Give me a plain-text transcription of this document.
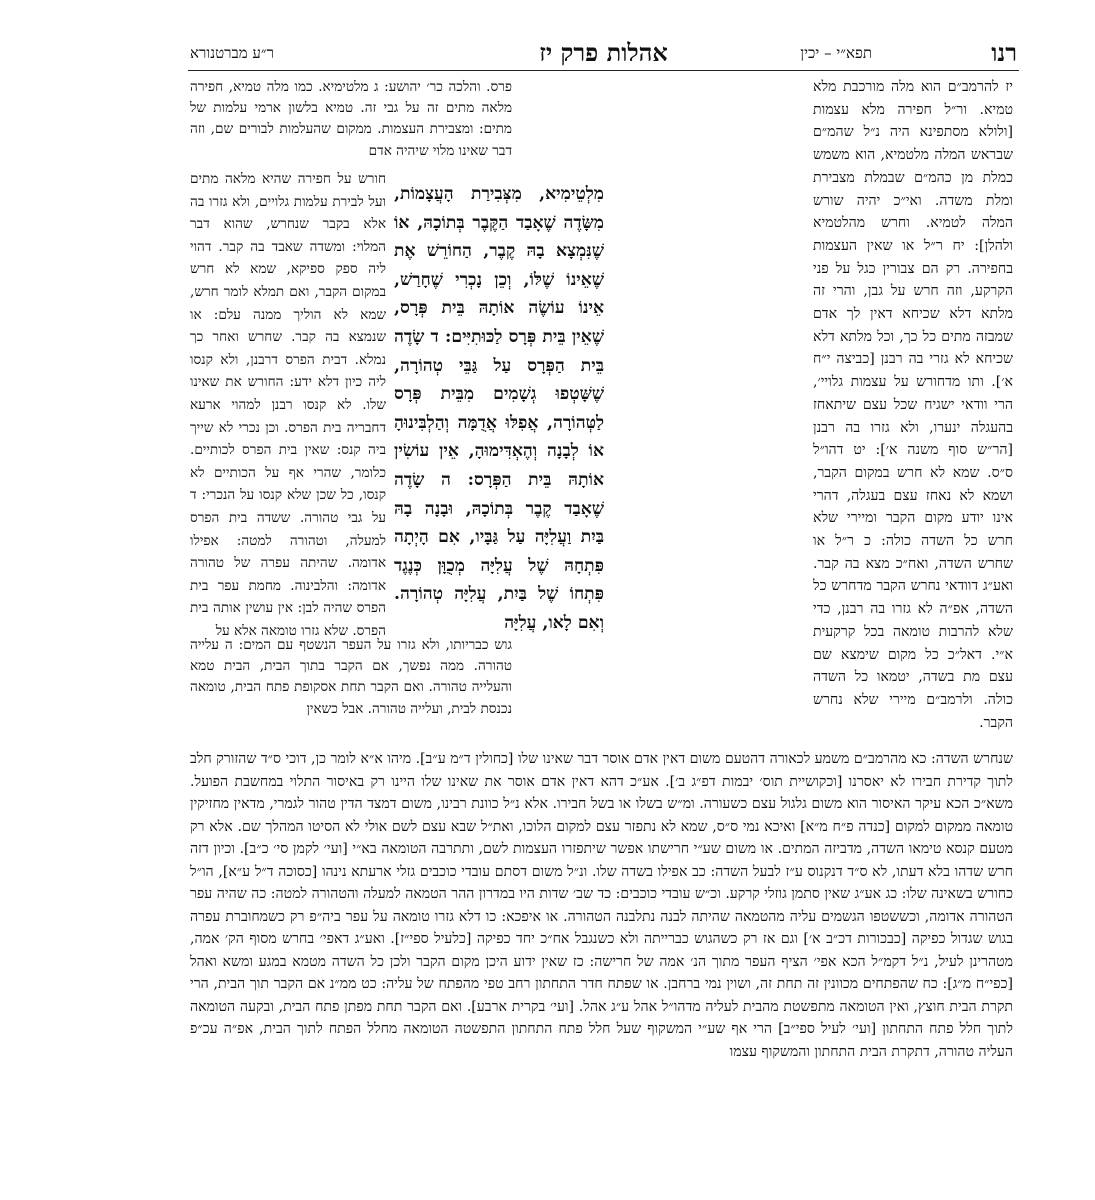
רנו
תפא״י – יכין
אהלות פרק יז
ר״ע מברטנורא

יז להרמב״ם הוא מלה מורכבת מלא טמיא. ור״ל חפירה מלא עצמות [ולולא מסתפינא היה נ״ל שהמ״ם שבראש המלה מלטמיא, הוא משמש כמלת מן כהמ״ם שבמלת מצבירת ומלת משדה. ואי״כ יהיה שורש המלה לטמיא. וחרש מהלטמיא ולהלן]: יח ר״ל או שאין העצמות בחפירה. רק הם צבורין כגל על פני הקרקע, וזה חרש על גבן, והרי זה מלתא דלא שכיחא דאין לך אדם שמבזה מתים כל כך, וכל מלתא דלא שכיחא לא גזרי בה רבנן [כביצה י״ח א׳]. ותו מדחורש על עצמות גלויי׳, הרי וודאי ישגיח שכל עצם שיתאחז בהעגלה ינערו, ולא גזרו בה רבנן [הר״ש סוף משנה א׳]: יט דהו״ל ס״ס. שמא לא חרש במקום הקבר, ושמא לא נאחז עצם בעגלה, דהרי אינו יודע מקום הקבר ומיירי שלא חרש כל השדה כולה: כ ר״ל או שחרש השדה, ואח״כ מצא בה קבר. ואע״ג דוודאי נחרש הקבר מדחרש כל השדה, אפ״ה לא גזרו בה רבנן, כדי שלא להרבות טומאה בכל קרקעית א״י. דאל״כ כל מקום שימצא שם עצם מת בשדה, יטמאו כל השדה כולה. ולרמב״ם מיירי שלא נחרש הקבר.

פרס. והלכה כר׳ יהושע: ג מלטימיא. כמו מלה טמיא, חפירה מלאה מתים זה על גבי זה. טמיא בלשון ארמי עלמות של מתים: ומצבירת העצמות. ממקום שהעלמות לבורים שם, וזה דבר שאינו מלוי שיהיה אדם

מִלְטֵימִיא, מִצְּבִירַת הָעֲצָמוֹת, מִשָּׂדֶה שֶׁאָבַד הַקֶּבֶר בְּתוֹכָהּ, אוֹ שֶׁנִּמְצָא בָהּ קֶבֶר, הַחוֹרֵשׁ אֶת שֶׁאֵינוֹ שֶׁלּוֹ, וְכֵן נָכְרִי שֶׁחָרַשׁ, אֵינוֹ עוֹשֶׂה אוֹתָהּ בֵּית פְּרָס, שֶׁאֵין בֵּית פְּרָס לַכּוּתִיִּים: ד שָׂדֶה בֵּית הַפְּרָס עַל גַּבֵּי טְהוֹרָה, שֶׁשָּׁטְפוּ גְשָׁמִים מִבֵּית פְּרָס לַטְּהוֹרָה, אֲפִלּוּ אֲדֻמָּה וְהַלְבִּינוּהָ אוֹ לְבָנָה וְהֶאְדִּימוּהָ, אֵין עוֹשִׂין אוֹתָהּ בֵּית הַפְּרָס: ה שָׂדֶה שֶׁאָבַד קֶבֶר בְּתוֹכָהּ, וּבָנָה בָהּ בַּיִת וַעֲלִיָּה עַל גַּבָּיו, אִם הָיְתָה פִּתְחָהּ שֶׁל עֲלִיָּה מְכֻוָּן כְּנֶגֶד פִּתְחוֹ שֶׁל בַּיִת, עֲלִיָּה טְהוֹרָה. וְאִם לָאו, עֲלִיָּה

חורש על חפירה שהיא מלאה מתים ועל לבירת עלמות גלויים, ולא גזרו בה אלא בקבר שנחרש, שהוא דבר המלוי: ומשדה שאבד בה קבר. דהוי ליה ספק ספיקא, שמא לא חרש במקום הקבר, ואם תמלא לומר חרש, שמא לא הוליך ממנה עלם: או שנמצא בה קבר. שחרש ואחר כך נמלא. דבית הפרס דרבנן, ולא קנסו ליה כיון דלא ידע: החורש את שאינו שלו. לא קנסו רבנן למהוי ארעא דחבריה בית הפרס. וכן נכרי לא שייך ביה קנס: שאין בית הפרס לכותיים. כלומר, שהרי אף על הכותיים לא קנסו, כל שכן שלא קנסו על הנכרי: ד על גבי טהורה. ששדה בית הפרס למעלה, וטהורה למטה: אפילו אדומה. שהיתה עפרה של טהורה אדומה: והלבינוה. מחמת עפר בית הפרס שהיה לבן: אין עושין אותה בית הפרס. שלא גזרו טומאה אלא על

גוש כבריותו, ולא גזרו על העפר הנשטף עם המים: ה עלייה טהורה. ממה נפשך, אם הקבר בתוך הבית, הבית טמא והעלייה טהורה. ואם הקבר תחת אסקופת פתח הבית, טומאה נכנסת לבית, ועלייה טהורה. אבל כשאין

שנחרש השדה: כא מהרמב״ם משמע לכאורה דהטעם משום דאין אדם אוסר דבר שאינו שלו [כחולין ד״מ ע״ב]. מיהו א״א לומר כן, דוכי ס״ד שהזורק חלב לתוך קדירת חבירו לא יאסרנו [וכקושיית תוס׳ יבמות דפ״ג ב׳]. אע״כ דהא דאין אדם אוסר את שאינו שלו היינו רק באיסור התלוי במחשבת הפועל. משא״כ הכא עיקר האיסור הוא משום גלגול עצם כשעורה. ומ״ש בשלו או בשל חבירו. אלא נ״ל כוונת רבינו, משום דמצד הדין טהור לגמרי, מדאין מחזיקין טומאה ממקום למקום [כנדה פ״ח מ״א] ואיכא נמי ס״ס, שמא לא נתפזר עצם למקום הלוכו, ואת״ל שבא עצם לשם אולי לא הסיטו המהלך שם. אלא רק מטעם קנסא טימאו השדה, מדביזה המתים. או משום שע״י חרישתו אפשר שיתפזרו העצמות לשם, ותתרבה הטומאה בא״י [ועי׳ לקמן סי׳ כ״ב]. וכיון דזה חרש שדהו בלא דעתו, לא ס״ד דנקנוס ע״ז לבעל השדה: כב אפילו בשדה שלו. ונ״ל משום דסתם עובדי כוכבים גזלי ארעתא נינהו [כסוכה ד״ל ע״א], הו״ל כחורש בשאינה שלו: כג אע״ג שאין סתמן גוזלי קרקע. וכ״ש עובדי כוכבים: כד שב׳ שדות היו במדרון ההר הטמאה למעלה והטהורה למטה: כה שהיה עפר הטהורה אדומה, וכששטפו הגשמים עליה מהטמאה שהיתה לבנה נתלבנה הטהורה. או איפכא: כו דלא גזרו טומאה על עפר ביה״פ רק כשמחוברת עפרה בגוש שגדול כפיקה [כבכורות דכ״ב א׳] וגם אז רק כשהגוש כברייתה ולא כשנגבל אח״כ יחד כפיקה [כלעיל ספי״ז]. ואע״ג דאפי׳ בחרש מסוף הק׳ אמה, מטהרינן לעיל, נ״ל דקמ״ל הכא אפי׳ הציף העפר מתוך הנ׳ אמה של חרישה: כז שאין ידוע היכן מקום הקבר ולכן כל השדה מטמא במגע ומשא ואהל [כפי״ח מ״ג]: כח שהפתחים מכוונין זה תחת זה, ושוין נמי ברחבן. או שפתח חדר התחתון רחב טפי מהפתח של עליה: כט ממ״נ אם הקבר תוך הבית, הרי תקרת הבית חוצץ, ואין הטומאה מתפשטת מהבית לעליה מדהו״ל אהל ע״ג אהל. [ועי׳ בקרית ארבע]. ואם הקבר תחת מפתן פתח הבית, ובקעה הטומאה לתוך חלל פתח התחתון [ועי׳ לעיל ספי״ב] הרי אף שע״י המשקוף שעל חלל פתח התחתון התפשטה הטומאה מחלל הפתח לתוך הבית, אפ״ה עכ״פ העליה טהורה, דתקרת הבית התחתון והמשקוף עצמו
